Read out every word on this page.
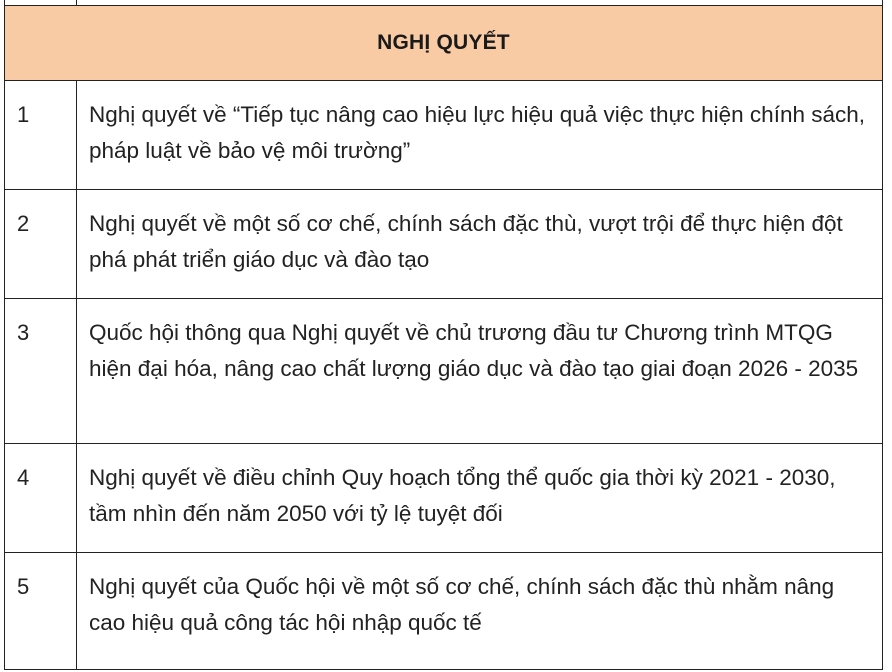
NGHỊ QUYẾT	
1	Nghị quyết về “Tiếp tục nâng cao hiệu lực hiệu quả việc thực hiện chính sách, pháp luật về bảo vệ môi trường”
2	Nghị quyết về một số cơ chế, chính sách đặc thù, vượt trội để thực hiện đột phá phát triển giáo dục và đào tạo
3	Quốc hội thông qua Nghị quyết về chủ trương đầu tư Chương trình MTQG hiện đại hóa, nâng cao chất lượng giáo dục và đào tạo giai đoạn 2026 - 2035
4	Nghị quyết về điều chỉnh Quy hoạch tổng thể quốc gia thời kỳ 2021 - 2030, tầm nhìn đến năm 2050 với tỷ lệ tuyệt đối
5	Nghị quyết của Quốc hội về một số cơ chế, chính sách đặc thù nhằm nâng cao hiệu quả công tác hội nhập quốc tế
